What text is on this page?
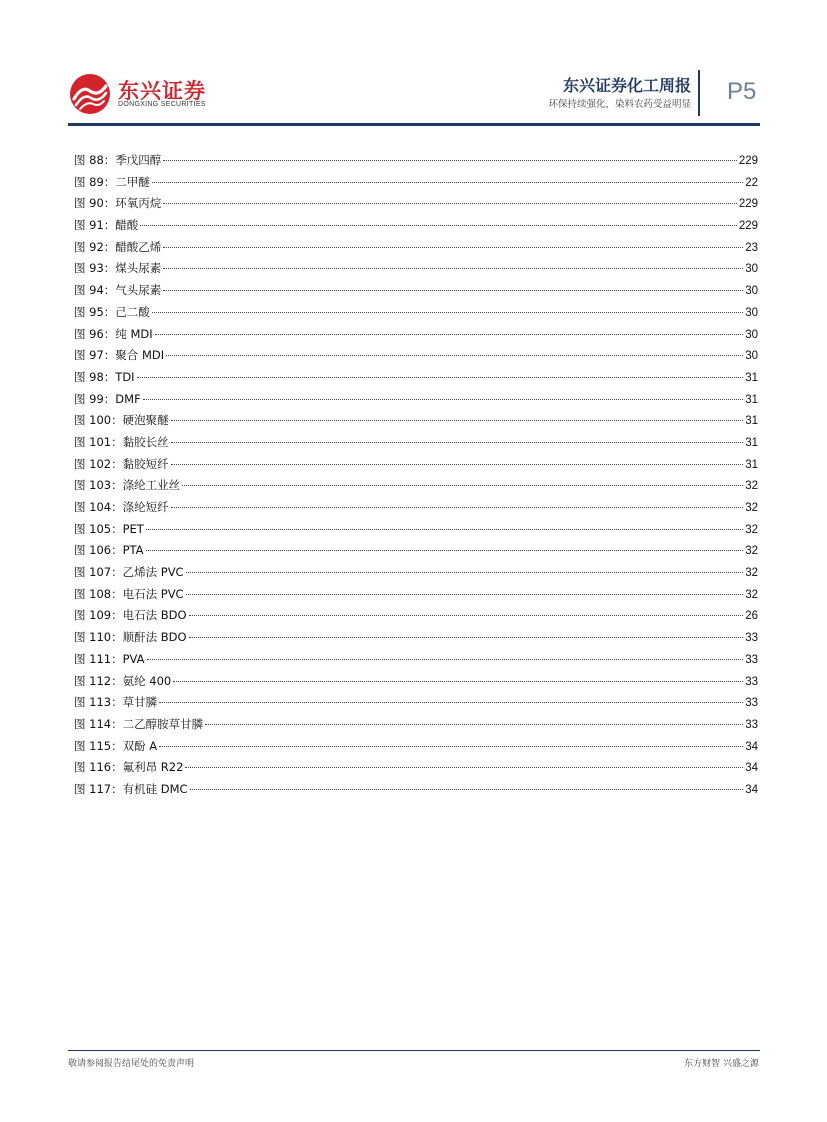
东兴证券
DONGXING SECURITIES
东兴证券化工周报
环保持续强化，染料农药受益明显 P5
图 88：季戊四醇	229
图 89：二甲醚	22
图 90：环氧丙烷	229
图 91：醋酸	229
图 92：醋酸乙烯	23
图 93：煤头尿素	30
图 94：气头尿素	30
图 95：己二酸	30
图 96：纯 MDI	30
图 97：聚合 MDI	30
图 98：TDI	31
图 99：DMF	31
图 100：硬泡聚醚	31
图 101：黏胶长丝	31
图 102：黏胶短纤	31
图 103：涤纶工业丝	32
图 104：涤纶短纤	32
图 105：PET	32
图 106：PTA	32
图 107：乙烯法 PVC	32
图 108：电石法 PVC	32
图 109：电石法 BDO	26
图 110：顺酐法 BDO	33
图 111：PVA	33
图 112：氨纶 400	33
图 113：草甘膦	33
图 114：二乙醇胺草甘膦	33
图 115：双酚 A	34
图 116：氟利昂 R22	34
图 117：有机硅 DMC	34
敬请参阅报告结尾处的免责声明	东方财智 兴盛之源
